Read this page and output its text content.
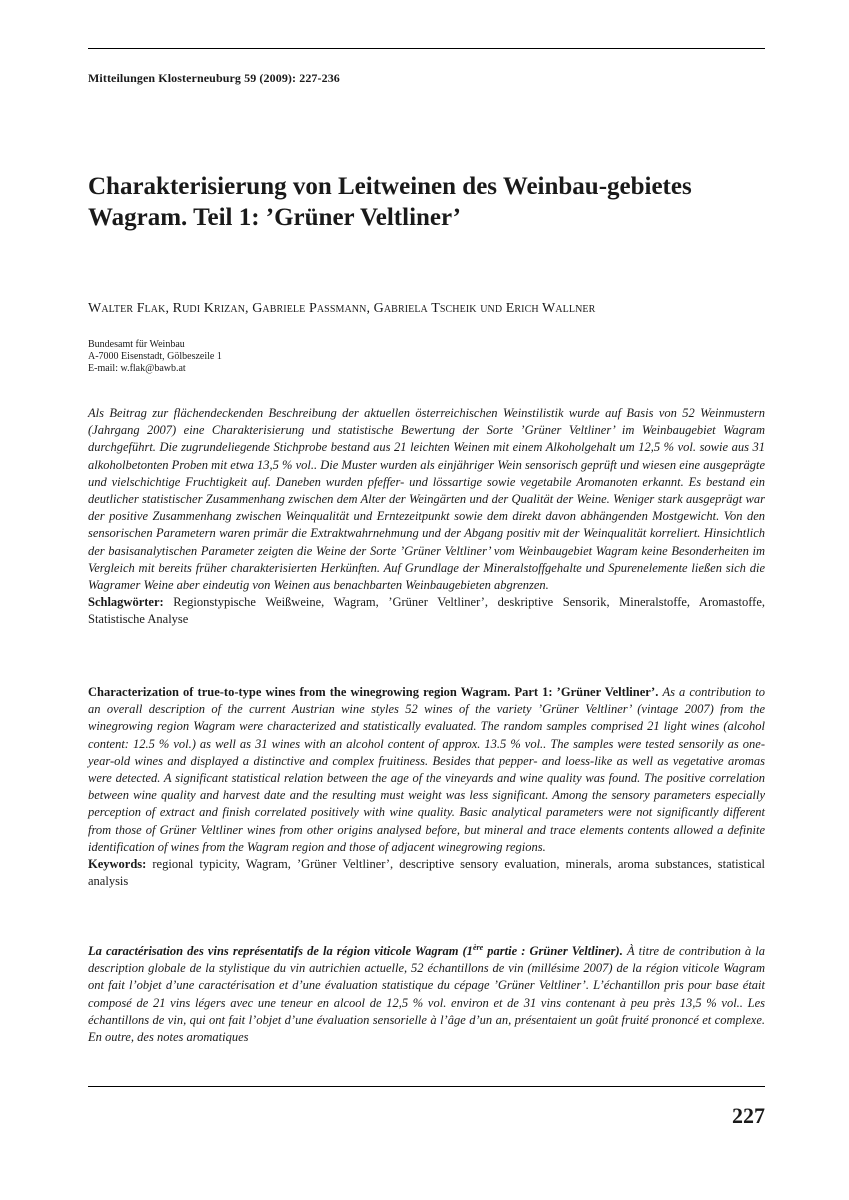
Mitteilungen Klosterneuburg 59 (2009): 227-236
Charakterisierung von Leitweinen des Weinbau-gebietes Wagram. Teil 1: ’Grüner Veltliner’
Walter Flak, Rudi Krizan, Gabriele Passmann, Gabriela Tscheik und Erich Wallner
Bundesamt für Weinbau
A-7000 Eisenstadt, Gölbeszeile 1
E-mail: w.flak@bawb.at
Als Beitrag zur flächendeckenden Beschreibung der aktuellen österreichischen Weinstilistik wurde auf Basis von 52 Weinmustern (Jahrgang 2007) eine Charakterisierung und statistische Bewertung der Sorte ’Grüner Veltliner’ im Weinbaugebiet Wagram durchgeführt. Die zugrundeliegende Stichprobe bestand aus 21 leichten Weinen mit einem Alkoholgehalt um 12,5 % vol. sowie aus 31 alkoholbetonten Proben mit etwa 13,5 % vol.. Die Muster wurden als einjähriger Wein sensorisch geprüft und wiesen eine ausgeprägte und vielschichtige Fruchtigkeit auf. Daneben wurden pfeffer- und lössartige sowie vegetabile Aromanoten erkannt. Es bestand ein deutlicher statistischer Zusammenhang zwischen dem Alter der Weingärten und der Qualität der Weine. Weniger stark ausgeprägt war der positive Zusammenhang zwischen Weinqualität und Erntezeitpunkt sowie dem direkt davon abhängenden Mostgewicht. Von den sensorischen Parametern waren primär die Extraktwahrnehmung und der Abgang positiv mit der Weinqualität korreliert. Hinsichtlich der basisanalytischen Parameter zeigten die Weine der Sorte ’Grüner Veltliner’ vom Weinbaugebiet Wagram keine Besonderheiten im Vergleich mit bereits früher charakterisierten Herkünften. Auf Grundlage der Mineralstoffgehalte und Spurenelemente ließen sich die Wagramer Weine aber eindeutig von Weinen aus benachbarten Weinbaugebieten abgrenzen.
Schlagwörter: Regionstypische Weißweine, Wagram, ’Grüner Veltliner’, deskriptive Sensorik, Mineralstoffe, Aromastoffe, Statistische Analyse
Characterization of true-to-type wines from the winegrowing region Wagram. Part 1: ’Grüner Veltliner’. As a contribution to an overall description of the current Austrian wine styles 52 wines of the variety ’Grüner Veltliner’ (vintage 2007) from the winegrowing region Wagram were characterized and statistically evaluated. The random samples comprised 21 light wines (alcohol content: 12.5 % vol.) as well as 31 wines with an alcohol content of approx. 13.5 % vol.. The samples were tested sensorily as one-year-old wines and displayed a distinctive and complex fruitiness. Besides that pepper- and loess-like as well as vegetative aromas were detected. A significant statistical relation between the age of the vineyards and wine quality was found. The positive correlation between wine quality and harvest date and the resulting must weight was less significant. Among the sensory parameters especially perception of extract and finish correlated positively with wine quality. Basic analytical parameters were not significantly different from those of Grüner Veltliner wines from other origins analysed before, but mineral and trace elements contents allowed a definite identification of wines from the Wagram region and those of adjacent winegrowing regions.
Keywords: regional typicity, Wagram, ’Grüner Veltliner’, descriptive sensory evaluation, minerals, aroma substances, statistical analysis
La caractérisation des vins représentatifs de la région viticole Wagram (1ère partie : Grüner Veltliner). À titre de contribution à la description globale de la stylistique du vin autrichien actuelle, 52 échantillons de vin (millésime 2007) de la région viticole Wagram ont fait l’objet d’une caractérisation et d’une évaluation statistique du cépage ’Grüner Veltliner’. L’échantillon pris pour base était composé de 21 vins légers avec une teneur en alcool de 12,5 % vol. environ et de 31 vins contenant à peu près 13,5 % vol.. Les échantillons de vin, qui ont fait l’objet d’une évaluation sensorielle à l’âge d’un an, présentaient un goût fruité prononcé et complexe. En outre, des notes aromatiques
227
